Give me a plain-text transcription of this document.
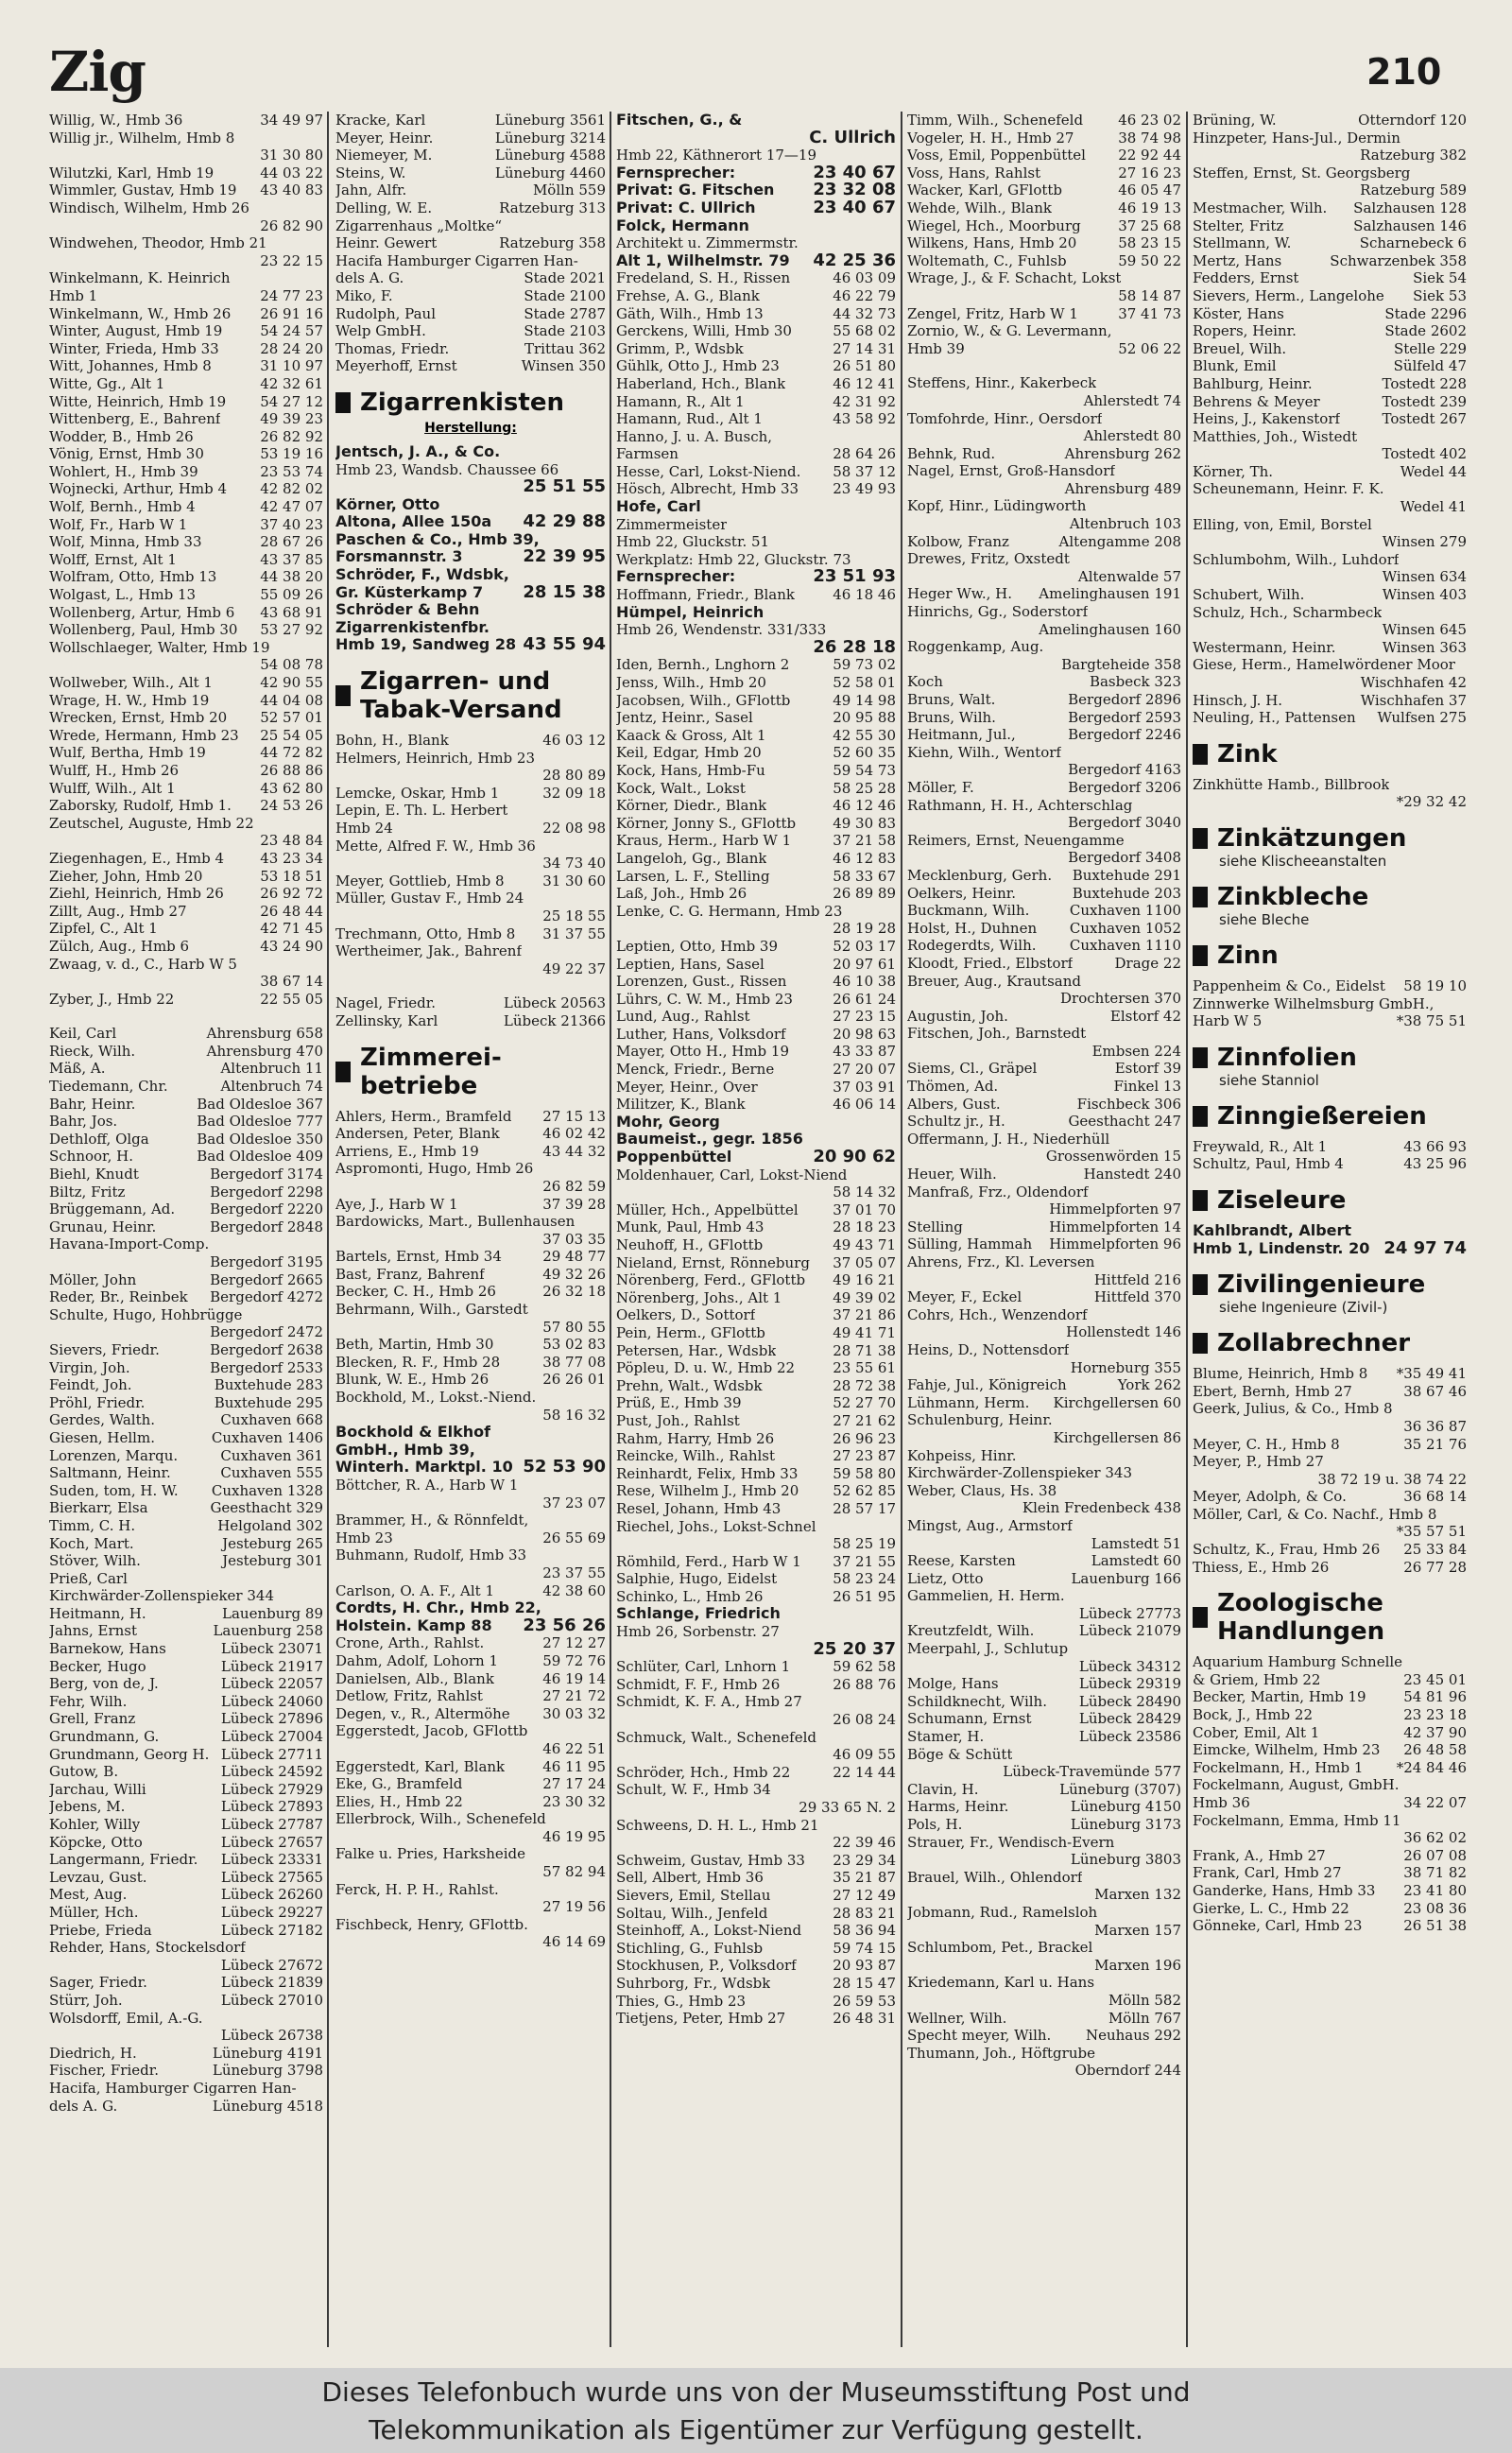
Zig	210
Willig, W., Hmb 36	34 49 97
Willig jr., Wilhelm, Hmb 8
31 30 80
Wilutzki, Karl, Hmb 19	44 03 22
Wimmler, Gustav, Hmb 19 43 40 83
Windisch, Wilhelm, Hmb 26
26 82 90
Windwehen, Theodor, Hmb 21
23 22 15
Winkelmann, K. Heinrich
Hmb 1	24 77 23
Winkelmann, W., Hmb 26 26 91 16
Winter, August, Hmb 19	54 24 57
Winter, Frieda, Hmb 33	28 24 20
Witt, Johannes, Hmb 8	31 10 97
Witte, Gg., Alt 1	42 32 61
Witte, Heinrich, Hmb 19 54 27 12
Wittenberg, E., Bahrenf	49 39 23
Wodder, B., Hmb 26	26 82 92
Vönig, Ernst, Hmb 30	53 19 16
Wohlert, H., Hmb 39	23 53 74
Wojnecki, Arthur, Hmb 4 42 82 02
Wolf, Bernh., Hmb 4	42 47 07
Wolf, Fr., Harb W 1	37 40 23
Wolf, Minna, Hmb 33	28 67 26
Wolff, Ernst, Alt 1	43 37 85
Wolfram, Otto, Hmb 13	44 38 20
Wolgast, L., Hmb 13	55 09 26
Wollenberg, Artur, Hmb 6 43 68 91
Wollenberg, Paul, Hmb 30 53 27 92
Wollschlaeger, Walter, Hmb 19
54 08 78
Wollweber, Wilh., Alt 1	42 90 55
Wrage, H. W., Hmb 19	44 04 08
Wrecken, Ernst, Hmb 20 52 57 01
Wrede, Hermann, Hmb 23 25 54 05
Wulf, Bertha, Hmb 19	44 72 82
Wulff, H., Hmb 26	26 88 86
Wulff, Wilh., Alt 1	43 62 80
Zaborsky, Rudolf, Hmb 1. 24 53 26
Zeutschel, Auguste, Hmb 22
23 48 84
Ziegenhagen, E., Hmb 4	43 23 34
Zieher, John, Hmb 20	53 18 51
Ziehl, Heinrich, Hmb 26	26 92 72
Zillt, Aug., Hmb 27	26 48 44
Zipfel, C., Alt 1	42 71 45
Zülch, Aug., Hmb 6	43 24 90
Zwaag, v. d., C., Harb W 5
38 67 14
Zyber, J., Hmb 22	22 55 05
Keil, Carl	Ahrensburg 658
Rieck, Wilh.	Ahrensburg 470
Mäß, A.	Altenbruch 11
Tiedemann, Chr.	Altenbruch 74
Bahr, Heinr.	Bad Oldesloe 367
Bahr, Jos.	Bad Oldesloe 777
Dethloff, Olga	Bad Oldesloe 350
Schnoor, H.	Bad Oldesloe 409
Biehl, Knudt	Bergedorf 3174
Biltz, Fritz	Bergedorf 2298
Brüggemann, Ad. Bergedorf 2220
Grunau, Heinr.	Bergedorf 2848
Havana-Import-Comp.
Bergedorf 3195
Möller, John	Bergedorf 2665
Reder, Br., Reinbek Bergedorf 4272
Schulte, Hugo, Hohbrügge
Bergedorf 2472
Sievers, Friedr.	Bergedorf 2638
Virgin, Joh.	Bergedorf 2533
Feindt, Joh.	Buxtehude 283
Pröhl, Friedr.	Buxtehude 295
Gerdes, Walth.	Cuxhaven 668
Giesen, Hellm.	Cuxhaven 1406
Lorenzen, Marqu.	Cuxhaven 361
Saltmann, Heinr.	Cuxhaven 555
Suden, tom, H. W. Cuxhaven 1328
Bierkarr, Elsa	Geesthacht 329
Timm, C. H.	Helgoland 302
Koch, Mart.	Jesteburg 265
Stöver, Wilh.	Jesteburg 301
Prieß, Carl
Kirchwärder-Zollenspieker 344
Heitmann, H.	Lauenburg 89
Jahns, Ernst	Lauenburg 258
Barnekow, Hans	Lübeck 23071
Becker, Hugo	Lübeck 21917
Berg, von de, J.	Lübeck 22057
Fehr, Wilh.	Lübeck 24060
Grell, Franz	Lübeck 27896
Grundmann, G.	Lübeck 27004
Grundmann, Georg H. Lübeck 27711
Gutow, B.	Lübeck 24592
Jarchau, Willi	Lübeck 27929
Jebens, M.	Lübeck 27893
Kohler, Willy	Lübeck 27787
Köpcke, Otto	Lübeck 27657
Langermann, Friedr. Lübeck 23331
Levzau, Gust.	Lübeck 27565
Mest, Aug.	Lübeck 26260
Müller, Hch.	Lübeck 29227
Priebe, Frieda	Lübeck 27182
Rehder, Hans, Stockelsdorf
Lübeck 27672
Sager, Friedr.	Lübeck 21839
Stürr, Joh.	Lübeck 27010
Wolsdorff, Emil, A.-G.
Lübeck 26738
Diedrich, H.	Lüneburg 4191
Fischer, Friedr.	Lüneburg 3798
Hacifa, Hamburger Cigarren Han-
dels A. G.	Lüneburg 4518
Kracke, Karl	Lüneburg 3561
Meyer, Heinr.	Lüneburg 3214
Niemeyer, M.	Lüneburg 4588
Steins, W.	Lüneburg 4460
Jahn, Alfr.	Mölln 559
Delling, W. E.	Ratzeburg 313
Zigarrenhaus „Moltke“
Heinr. Gewert	Ratzeburg 358
Hacifa Hamburger Cigarren Han-
dels A. G.	Stade 2021
Miko, F.	Stade 2100
Rudolph, Paul	Stade 2787
Welp GmbH.	Stade 2103
Thomas, Friedr.	Trittau 362
Meyerhoff, Ernst	Winsen 350
Zigarrenkisten
Herstellung:
Jentsch, J. A., & Co.
Hmb 23, Wandsb. Chaussee 66
25 51 55
Körner, Otto
Altona, Allee 150a 42 29 88
Paschen & Co., Hmb 39,
Forsmannstr. 3	22 39 95
Schröder, F., Wdsbk,
Gr. Küsterkamp 7 28 15 38
Schröder & Behn
Zigarrenkistenfbr.
Hmb 19, Sandweg 28 43 55 94
Zigarren- und Tabak-Versand
Bohn, H., Blank	46 03 12
Helmers, Heinrich, Hmb 23
28 80 89
Lemcke, Oskar, Hmb 1	32 09 18
Lepin, E. Th. L. Herbert
Hmb 24	22 08 98
Mette, Alfred F. W., Hmb 36
34 73 40
Meyer, Gottlieb, Hmb 8	31 30 60
Müller, Gustav F., Hmb 24
25 18 55
Trechmann, Otto, Hmb 8 31 37 55
Wertheimer, Jak., Bahrenf
49 22 37
Nagel, Friedr.	Lübeck 20563
Zellinsky, Karl	Lübeck 21366
Zimmerei-betriebe
Ahlers, Herm., Bramfeld 27 15 13
Andersen, Peter, Blank	46 02 42
Arriens, E., Hmb 19	43 44 32
Aspromonti, Hugo, Hmb 26
26 82 59
Aye, J., Harb W 1	37 39 28
Bardowicks, Mart., Bullenhausen
37 03 35
Bartels, Ernst, Hmb 34	29 48 77
Bast, Franz, Bahrenf	49 32 26
Becker, C. H., Hmb 26	26 32 18
Behrmann, Wilh., Garstedt
57 80 55
Beth, Martin, Hmb 30	53 02 83
Blecken, R. F., Hmb 28	38 77 08
Blunk, W. E., Hmb 26	26 26 01
Bockhold, M., Lokst.-Niend.
58 16 32
Bockhold & Elkhof
GmbH., Hmb 39,
Winterh. Marktpl. 10 52 53 90
Böttcher, R. A., Harb W 1
37 23 07
Brammer, H., & Rönnfeldt,
Hmb 23	26 55 69
Buhmann, Rudolf, Hmb 33
23 37 55
Carlson, O. A. F., Alt 1	42 38 60
Cordts, H. Chr., Hmb 22,
Holstein. Kamp 88 23 56 26
Crone, Arth., Rahlst.	27 12 27
Dahm, Adolf, Lohorn 1	59 72 76
Danielsen, Alb., Blank	46 19 14
Detlow, Fritz, Rahlst	27 21 72
Degen, v., R., Altermöhe 30 03 32
Eggerstedt, Jacob, GFlottb
46 22 51
Eggerstedt, Karl, Blank	46 11 95
Eke, G., Bramfeld	27 17 24
Elies, H., Hmb 22	23 30 32
Ellerbrock, Wilh., Schenefeld
46 19 95
Falke u. Pries, Harksheide
57 82 94
Ferck, H. P. H., Rahlst.
27 19 56
Fischbeck, Henry, GFlottb.
46 14 69
Fitschen, G., &
C. Ullrich
Hmb 22, Käthnerort 17—19
Fernsprecher:	23 40 67
Privat: G. Fitschen 23 32 08
Privat: C. Ullrich	23 40 67
Folck, Hermann
Architekt u. Zimmermstr.
Alt 1, Wilhelmstr. 79 42 25 36
Fredeland, S. H., Rissen	46 03 09
Frehse, A. G., Blank	46 22 79
Gäth, Wilh., Hmb 13	44 32 73
Gerckens, Willi, Hmb 30	55 68 02
Grimm, P., Wdsbk	27 14 31
Gühlk, Otto J., Hmb 23	26 51 80
Haberland, Hch., Blank	46 12 41
Hamann, R., Alt 1	42 31 92
Hamann, Rud., Alt 1	43 58 92
Hanno, J. u. A. Busch,
Farmsen	28 64 26
Hesse, Carl, Lokst-Niend. 58 37 12
Hösch, Albrecht, Hmb 33 23 49 93
Hofe, Carl
Zimmermeister
Hmb 22, Gluckstr. 51
Werkplatz: Hmb 22, Gluckstr. 73
Fernsprecher:	23 51 93
Hoffmann, Friedr., Blank	46 18 46
Hümpel, Heinrich
Hmb 26, Wendenstr. 331/333
26 28 18
Iden, Bernh., Lnghorn 2	59 73 02
Jenss, Wilh., Hmb 20	52 58 01
Jacobsen, Wilh., GFlottb	49 14 98
Jentz, Heinr., Sasel	20 95 88
Kaack & Gross, Alt 1	42 55 30
Keil, Edgar, Hmb 20	52 60 35
Kock, Hans, Hmb-Fu	59 54 73
Kock, Walt., Lokst	58 25 28
Körner, Diedr., Blank	46 12 46
Körner, Jonny S., GFlottb	49 30 83
Kraus, Herm., Harb W 1	37 21 58
Langeloh, Gg., Blank	46 12 83
Larsen, L. F., Stelling	58 33 67
Laß, Joh., Hmb 26	26 89 89
Lenke, C. G. Hermann, Hmb 23
28 19 28
Leptien, Otto, Hmb 39	52 03 17
Leptien, Hans, Sasel	20 97 61
Lorenzen, Gust., Rissen	46 10 38
Lührs, C. W. M., Hmb 23	26 61 24
Lund, Aug., Rahlst	27 23 15
Luther, Hans, Volksdorf	20 98 63
Mayer, Otto H., Hmb 19	43 33 87
Menck, Friedr., Berne	27 20 07
Meyer, Heinr., Over	37 03 91
Militzer, K., Blank	46 06 14
Mohr, Georg
Baumeist., gegr. 1856
Poppenbüttel	20 90 62
Moldenhauer, Carl, Lokst-Niend
58 14 32
Müller, Hch., Appelbüttel 37 01 70
Munk, Paul, Hmb 43	28 18 23
Neuhoff, H., GFlottb	49 43 71
Nieland, Ernst, Rönneburg 37 05 07
Nörenberg, Ferd., GFlottb 49 16 21
Nörenberg, Johs., Alt 1	49 39 02
Oelkers, D., Sottorf	37 21 86
Pein, Herm., GFlottb	49 41 71
Petersen, Har., Wdsbk	28 71 38
Pöpleu, D. u. W., Hmb 22	23 55 61
Prehn, Walt., Wdsbk	28 72 38
Prüß, E., Hmb 39	52 27 70
Pust, Joh., Rahlst	27 21 62
Rahm, Harry, Hmb 26	26 96 23
Reincke, Wilh., Rahlst	27 23 87
Reinhardt, Felix, Hmb 33 59 58 80
Rese, Wilhelm J., Hmb 20 52 62 85
Resel, Johann, Hmb 43	28 57 17
Riechel, Johs., Lokst-Schnel
58 25 19
Römhild, Ferd., Harb W 1 37 21 55
Salphie, Hugo, Eidelst	58 23 24
Schinko, L., Hmb 26	26 51 95
Schlange, Friedrich
Hmb 26, Sorbenstr. 27
25 20 37
Schlüter, Carl, Lnhorn 1	59 62 58
Schmidt, F. F., Hmb 26	26 88 76
Schmidt, K. F. A., Hmb 27
26 08 24
Schmuck, Walt., Schenefeld
46 09 55
Schröder, Hch., Hmb 22	22 14 44
Schult, W. F., Hmb 34
29 33 65 N. 2
Schweens, D. H. L., Hmb 21
22 39 46
Schweim, Gustav, Hmb 33 23 29 34
Sell, Albert, Hmb 36	35 21 87
Sievers, Emil, Stellau	27 12 49
Soltau, Wilh., Jenfeld	28 83 21
Steinhoff, A., Lokst-Niend 58 36 94
Stichling, G., Fuhlsb	59 74 15
Stockhusen, P., Volksdorf	20 93 87
Suhrborg, Fr., Wdsbk	28 15 47
Thies, G., Hmb 23	26 59 53
Tietjens, Peter, Hmb 27	26 48 31
Timm, Wilh., Schenefeld 46 23 02
Vogeler, H. H., Hmb 27	38 74 98
Voss, Emil, Poppenbüttel 22 92 44
Voss, Hans, Rahlst	27 16 23
Wacker, Karl, GFlottb	46 05 47
Wehde, Wilh., Blank	46 19 13
Wiegel, Hch., Moorburg	37 25 68
Wilkens, Hans, Hmb 20	58 23 15
Woltemath, C., Fuhlsb	59 50 22
Wrage, J., & F. Schacht, Lokst
58 14 87
Zengel, Fritz, Harb W 1	37 41 73
Zornio, W., & G. Levermann,
Hmb 39	52 06 22
Steffens, Hinr., Kakerbeck
Ahlerstedt 74
Tomfohrde, Hinr., Oersdorf
Ahlerstedt 80
Behnk, Rud.	Ahrensburg 262
Nagel, Ernst, Groß-Hansdorf
Ahrensburg 489
Kopf, Hinr., Lüdingworth
Altenbruch 103
Kolbow, Franz	Altengamme 208
Drewes, Fritz, Oxstedt
Altenwalde 57
Heger Ww., H. Amelinghausen 191
Hinrichs, Gg., Soderstorf
Amelinghausen 160
Roggenkamp, Aug.
Bargteheide 358
Koch	Basbeck 323
Bruns, Walt.	Bergedorf 2896
Bruns, Wilh.	Bergedorf 2593
Heitmann, Jul.,	Bergedorf 2246
Kiehn, Wilh., Wentorf
Bergedorf 4163
Möller, F.	Bergedorf 3206
Rathmann, H. H., Achterschlag
Bergedorf 3040
Reimers, Ernst, Neuengamme
Bergedorf 3408
Mecklenburg, Gerh. Buxtehude 291
Oelkers, Heinr.	Buxtehude 203
Buckmann, Wilh.	Cuxhaven 1100
Holst, H., Duhnen Cuxhaven 1052
Rodegerdts, Wilh. Cuxhaven 1110
Kloodt, Fried., Elbstorf	Drage 22
Breuer, Aug., Krautsand
Drochtersen 370
Augustin, Joh.	Elstorf 42
Fitschen, Joh., Barnstedt
Embsen 224
Siems, Cl., Gräpel	Estorf 39
Thömen, Ad.	Finkel 13
Albers, Gust.	Fischbeck 306
Schultz jr., H.	Geesthacht 247
Offermann, J. H., Niederhüll
Grossenwörden 15
Heuer, Wilh.	Hanstedt 240
Manfraß, Frz., Oldendorf
Himmelpforten 97
Stelling	Himmelpforten 14
Sülling, Hammah Himmelpforten 96
Ahrens, Frz., Kl. Leversen
Hittfeld 216
Meyer, F., Eckel	Hittfeld 370
Cohrs, Hch., Wenzendorf
Hollenstedt 146
Heins, D., Nottensdorf
Horneburg 355
Fahje, Jul., Königreich	York 262
Lühmann, Herm. Kirchgellersen 60
Schulenburg, Heinr.
Kirchgellersen 86
Kohpeiss, Hinr.
Kirchwärder-Zollenspieker 343
Weber, Claus, Hs. 38
Klein Fredenbeck 438
Mingst, Aug., Armstorf
Lamstedt 51
Reese, Karsten	Lamstedt 60
Lietz, Otto	Lauenburg 166
Gammelien, H. Herm.
Lübeck 27773
Kreutzfeldt, Wilh.	Lübeck 21079
Meerpahl, J., Schlutup
Lübeck 34312
Molge, Hans	Lübeck 29319
Schildknecht, Wilh. Lübeck 28490
Schumann, Ernst	Lübeck 28429
Stamer, H.	Lübeck 23586
Böge & Schütt
Lübeck-Travemünde 577
Clavin, H.	Lüneburg (3707)
Harms, Heinr.	Lüneburg 4150
Pols, H.	Lüneburg 3173
Strauer, Fr., Wendisch-Evern
Lüneburg 3803
Brauel, Wilh., Ohlendorf
Marxen 132
Jobmann, Rud., Ramelsloh
Marxen 157
Schlumbom, Pet., Brackel
Marxen 196
Kriedemann, Karl u. Hans
Mölln 582
Wellner, Wilh.	Mölln 767
Specht meyer, Wilh. Neuhaus 292
Thumann, Joh., Höftgrube
Oberndorf 244
Brüning, W.	Otterndorf 120
Hinzpeter, Hans-Jul., Dermin
Ratzeburg 382
Steffen, Ernst, St. Georgsberg
Ratzeburg 589
Mestmacher, Wilh. Salzhausen 128
Stelter, Fritz	Salzhausen 146
Stellmann, W.	Scharnebeck 6
Mertz, Hans	Schwarzenbek 358
Fedders, Ernst	Siek 54
Sievers, Herm., Langelohe Siek 53
Köster, Hans	Stade 2296
Ropers, Heinr.	Stade 2602
Breuel, Wilh.	Stelle 229
Blunk, Emil	Sülfeld 47
Bahlburg, Heinr.	Tostedt 228
Behrens & Meyer	Tostedt 239
Heins, J., Kakenstorf	Tostedt 267
Matthies, Joh., Wistedt
Tostedt 402
Körner, Th.	Wedel 44
Scheunemann, Heinr. F. K.
Wedel 41
Elling, von, Emil, Borstel
Winsen 279
Schlumbohm, Wilh., Luhdorf
Winsen 634
Schubert, Wilh.	Winsen 403
Schulz, Hch., Scharmbeck
Winsen 645
Westermann, Heinr.	Winsen 363
Giese, Herm., Hamelwördener Moor
Wischhafen 42
Hinsch, J. H.	Wischhafen 37
Neuling, H., Pattensen Wulfsen 275
Zink
Zinkhütte Hamb., Billbrook
*29 32 42
Zinkätzungen
siehe Klischeeanstalten
Zinkbleche
siehe Bleche
Zinn
Pappenheim & Co., Eidelst 58 19 10
Zinnwerke Wilhelmsburg GmbH.,
Harb W 5	*38 75 51
Zinnfolien
siehe Stanniol
Zinngießereien
Freywald, R., Alt 1	43 66 93
Schultz, Paul, Hmb 4	43 25 96
Ziseleure
Kahlbrandt, Albert
Hmb 1, Lindenstr. 20 24 97 74
Zivilingenieure
siehe Ingenieure (Zivil-)
Zollabrechner
Blume, Heinrich, Hmb 8 *35 49 41
Ebert, Bernh, Hmb 27	38 67 46
Geerk, Julius, & Co., Hmb 8
36 36 87
Meyer, C. H., Hmb 8	35 21 76
Meyer, P., Hmb 27
38 72 19 u. 38 74 22
Meyer, Adolph, & Co.	36 68 14
Möller, Carl, & Co. Nachf., Hmb 8
*35 57 51
Schultz, K., Frau, Hmb 26 25 33 84
Thiess, E., Hmb 26	26 77 28
Zoologische Handlungen
Aquarium Hamburg Schnelle
& Griem, Hmb 22	23 45 01
Becker, Martin, Hmb 19	54 81 96
Bock, J., Hmb 22	23 23 18
Cober, Emil, Alt 1	42 37 90
Eimcke, Wilhelm, Hmb 23 26 48 58
Fockelmann, H., Hmb 1 *24 84 46
Fockelmann, August, GmbH.
Hmb 36	34 22 07
Fockelmann, Emma, Hmb 11
36 62 02
Frank, A., Hmb 27	26 07 08
Frank, Carl, Hmb 27	38 71 82
Ganderke, Hans, Hmb 33 23 41 80
Gierke, L. C., Hmb 22	23 08 36
Gönneke, Carl, Hmb 23	26 51 38
Dieses Telefonbuch wurde uns von der Museumsstiftung Post und
Telekommunikation als Eigentümer zur Verfügung gestellt.
